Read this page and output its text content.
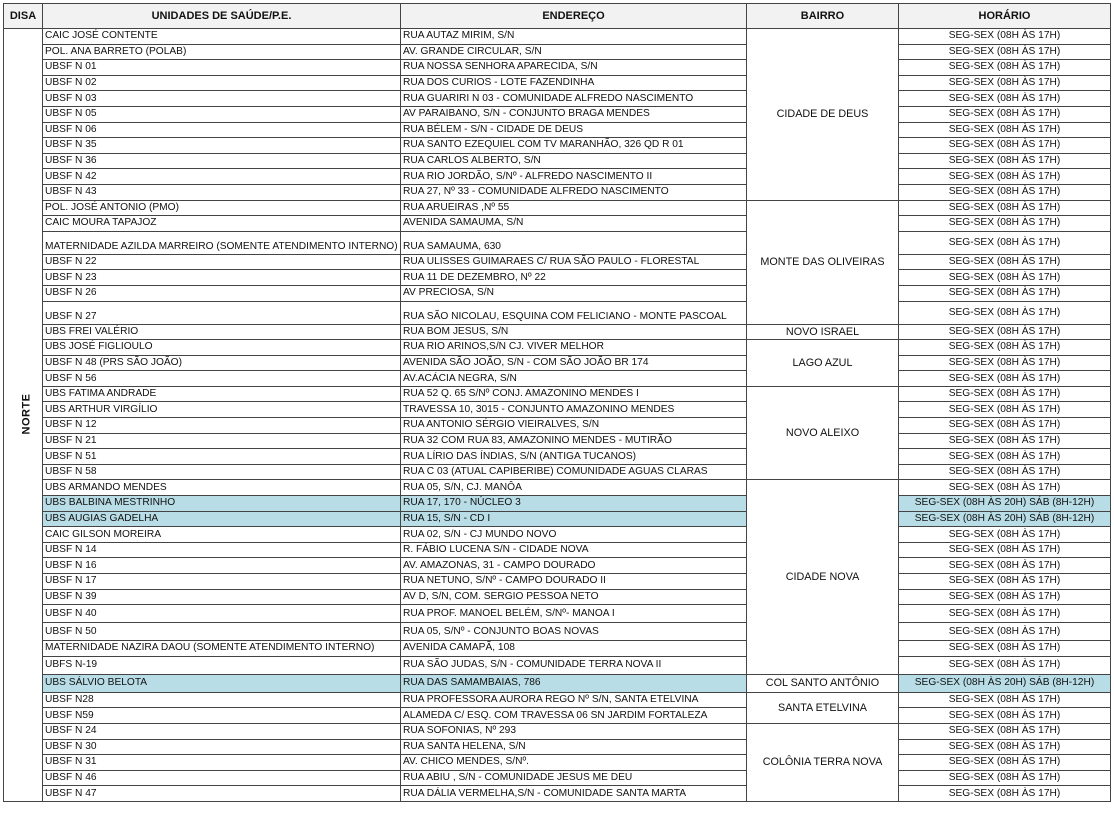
DISA	UNIDADES DE SAÚDE/P.E.	ENDEREÇO	BAIRRO	HORÁRIO
NORTE	CAIC JOSÉ CONTENTE	RUA AUTAZ MIRIM, S/N	CIDADE DE DEUS	SEG-SEX (08H ÀS 17H)
	POL. ANA BARRETO (POLAB)	AV. GRANDE CIRCULAR, S/N		SEG-SEX (08H ÀS 17H)
	UBSF N 01	RUA NOSSA SENHORA APARECIDA, S/N		SEG-SEX (08H ÀS 17H)
	UBSF N 02	RUA DOS CURIOS - LOTE FAZENDINHA		SEG-SEX (08H ÀS 17H)
	UBSF N 03	RUA GUARIRI N 03 - COMUNIDADE ALFREDO NASCIMENTO		SEG-SEX (08H ÀS 17H)
	UBSF N 05	AV PARAIBANO, S/N - CONJUNTO BRAGA MENDES		SEG-SEX (08H ÀS 17H)
	UBSF N 06	RUA BÉLEM - S/N - CIDADE DE DEUS		SEG-SEX (08H ÀS 17H)
	UBSF N 35	RUA SANTO EZEQUIEL COM TV MARANHÃO, 326 QD R 01		SEG-SEX (08H ÀS 17H)
	UBSF N 36	RUA CARLOS ALBERTO, S/N		SEG-SEX (08H ÀS 17H)
	UBSF N 42	RUA RIO JORDÃO, S/Nº - ALFREDO NASCIMENTO II		SEG-SEX (08H ÀS 17H)
	UBSF N 43	RUA 27, Nº 33 - COMUNIDADE ALFREDO NASCIMENTO		SEG-SEX (08H ÀS 17H)
	POL. JOSÉ ANTONIO (PMO)	RUA ARUEIRAS ,Nº 55	MONTE DAS OLIVEIRAS	SEG-SEX (08H ÀS 17H)
	CAIC MOURA TAPAJOZ	AVENIDA SAMAUMA, S/N		SEG-SEX (08H ÀS 17H)
	MATERNIDADE AZILDA MARREIRO (SOMENTE ATENDIMENTO INTERNO)	RUA SAMAUMA, 630		SEG-SEX (08H ÀS 17H)
	UBSF N 22	RUA ULISSES GUIMARAES C/ RUA SÃO PAULO - FLORESTAL		SEG-SEX (08H ÀS 17H)
	UBSF N 23	RUA 11 DE DEZEMBRO, Nº 22		SEG-SEX (08H ÀS 17H)
	UBSF N 26	AV PRECIOSA, S/N		SEG-SEX (08H ÀS 17H)
	UBSF N 27	RUA SÃO NICOLAU, ESQUINA COM FELICIANO - MONTE PASCOAL		SEG-SEX (08H ÀS 17H)
	UBS FREI VALÉRIO	RUA BOM JESUS, S/N	NOVO ISRAEL	SEG-SEX (08H ÀS 17H)
	UBS JOSÉ FIGLIOULO	RUA RIO ARINOS,S/N CJ. VIVER MELHOR	LAGO AZUL	SEG-SEX (08H ÀS 17H)
	UBSF N 48 (PRS SÃO JOÃO)	AVENIDA SÃO JOÃO, S/N - COM SÃO JOÃO BR 174		SEG-SEX (08H ÀS 17H)
	UBSF N 56	AV.ACÁCIA NEGRA, S/N		SEG-SEX (08H ÀS 17H)
	UBS FATIMA ANDRADE	RUA 52 Q. 65 S/Nº CONJ. AMAZONINO MENDES I	NOVO ALEIXO	SEG-SEX (08H ÀS 17H)
	UBS ARTHUR VIRGÍLIO	TRAVESSA 10, 3015 - CONJUNTO AMAZONINO MENDES		SEG-SEX (08H ÀS 17H)
	UBSF N 12	RUA ANTONIO SÉRGIO VIEIRALVES, S/N		SEG-SEX (08H ÀS 17H)
	UBSF N 21	RUA 32 COM RUA 83, AMAZONINO MENDES - MUTIRÃO		SEG-SEX (08H ÀS 17H)
	UBSF N 51	RUA LÍRIO DAS ÍNDIAS, S/N (ANTIGA TUCANOS)		SEG-SEX (08H ÀS 17H)
	UBSF N 58	RUA C 03 (ATUAL CAPIBERIBE) COMUNIDADE AGUAS CLARAS		SEG-SEX (08H ÀS 17H)
	UBS ARMANDO MENDES	RUA 05, S/N, CJ. MANÔA	CIDADE NOVA	SEG-SEX (08H ÀS 17H)
	UBS BALBINA MESTRINHO	RUA 17, 170 - NÚCLEO 3		SEG-SEX (08H ÀS 20H) SÁB (8H-12H)
	UBS AUGIAS GADELHA	RUA 15, S/N - CD I		SEG-SEX (08H ÀS 20H) SÁB (8H-12H)
	CAIC GILSON MOREIRA	RUA 02, S/N - CJ MUNDO NOVO		SEG-SEX (08H ÀS 17H)
	UBSF N 14	R. FÁBIO LUCENA S/N - CIDADE NOVA		SEG-SEX (08H ÀS 17H)
	UBSF N 16	AV. AMAZONAS, 31 - CAMPO DOURADO		SEG-SEX (08H ÀS 17H)
	UBSF N 17	RUA NETUNO, S/Nº - CAMPO DOURADO II		SEG-SEX (08H ÀS 17H)
	UBSF N 39	AV D, S/N, COM. SERGIO PESSOA NETO		SEG-SEX (08H ÀS 17H)
	UBSF N 40	RUA PROF. MANOEL BELÉM, S/Nº- MANOA I		SEG-SEX (08H ÀS 17H)
	UBSF N 50	RUA 05, S/Nº - CONJUNTO BOAS NOVAS		SEG-SEX (08H ÀS 17H)
	MATERNIDADE NAZIRA DAOU (SOMENTE ATENDIMENTO INTERNO)	AVENIDA CAMAPÃ, 108		SEG-SEX (08H ÀS 17H)
	UBFS N-19	RUA SÃO JUDAS, S/N - COMUNIDADE TERRA NOVA II		SEG-SEX (08H ÀS 17H)
	UBS SÁLVIO BELOTA	RUA DAS SAMAMBAIAS, 786	COL SANTO ANTÔNIO	SEG-SEX (08H ÀS 20H) SÁB (8H-12H)
	UBSF N28	RUA PROFESSORA AURORA REGO Nº S/N, SANTA ETELVINA	SANTA ETELVINA	SEG-SEX (08H ÀS 17H)
	UBSF N59	ALAMEDA C/ ESQ. COM TRAVESSA 06 SN JARDIM FORTALEZA		SEG-SEX (08H ÀS 17H)
	UBSF N 24	RUA SOFONIAS, Nº 293	COLÔNIA TERRA NOVA	SEG-SEX (08H ÀS 17H)
	UBSF N 30	RUA SANTA HELENA, S/N		SEG-SEX (08H ÀS 17H)
	UBSF N 31	AV. CHICO MENDES, S/Nº.		SEG-SEX (08H ÀS 17H)
	UBSF N 46	RUA ABIU , S/N - COMUNIDADE JESUS ME DEU		SEG-SEX (08H ÀS 17H)
	UBSF N 47	RUA DÁLIA VERMELHA,S/N - COMUNIDADE SANTA MARTA		SEG-SEX (08H ÀS 17H)
